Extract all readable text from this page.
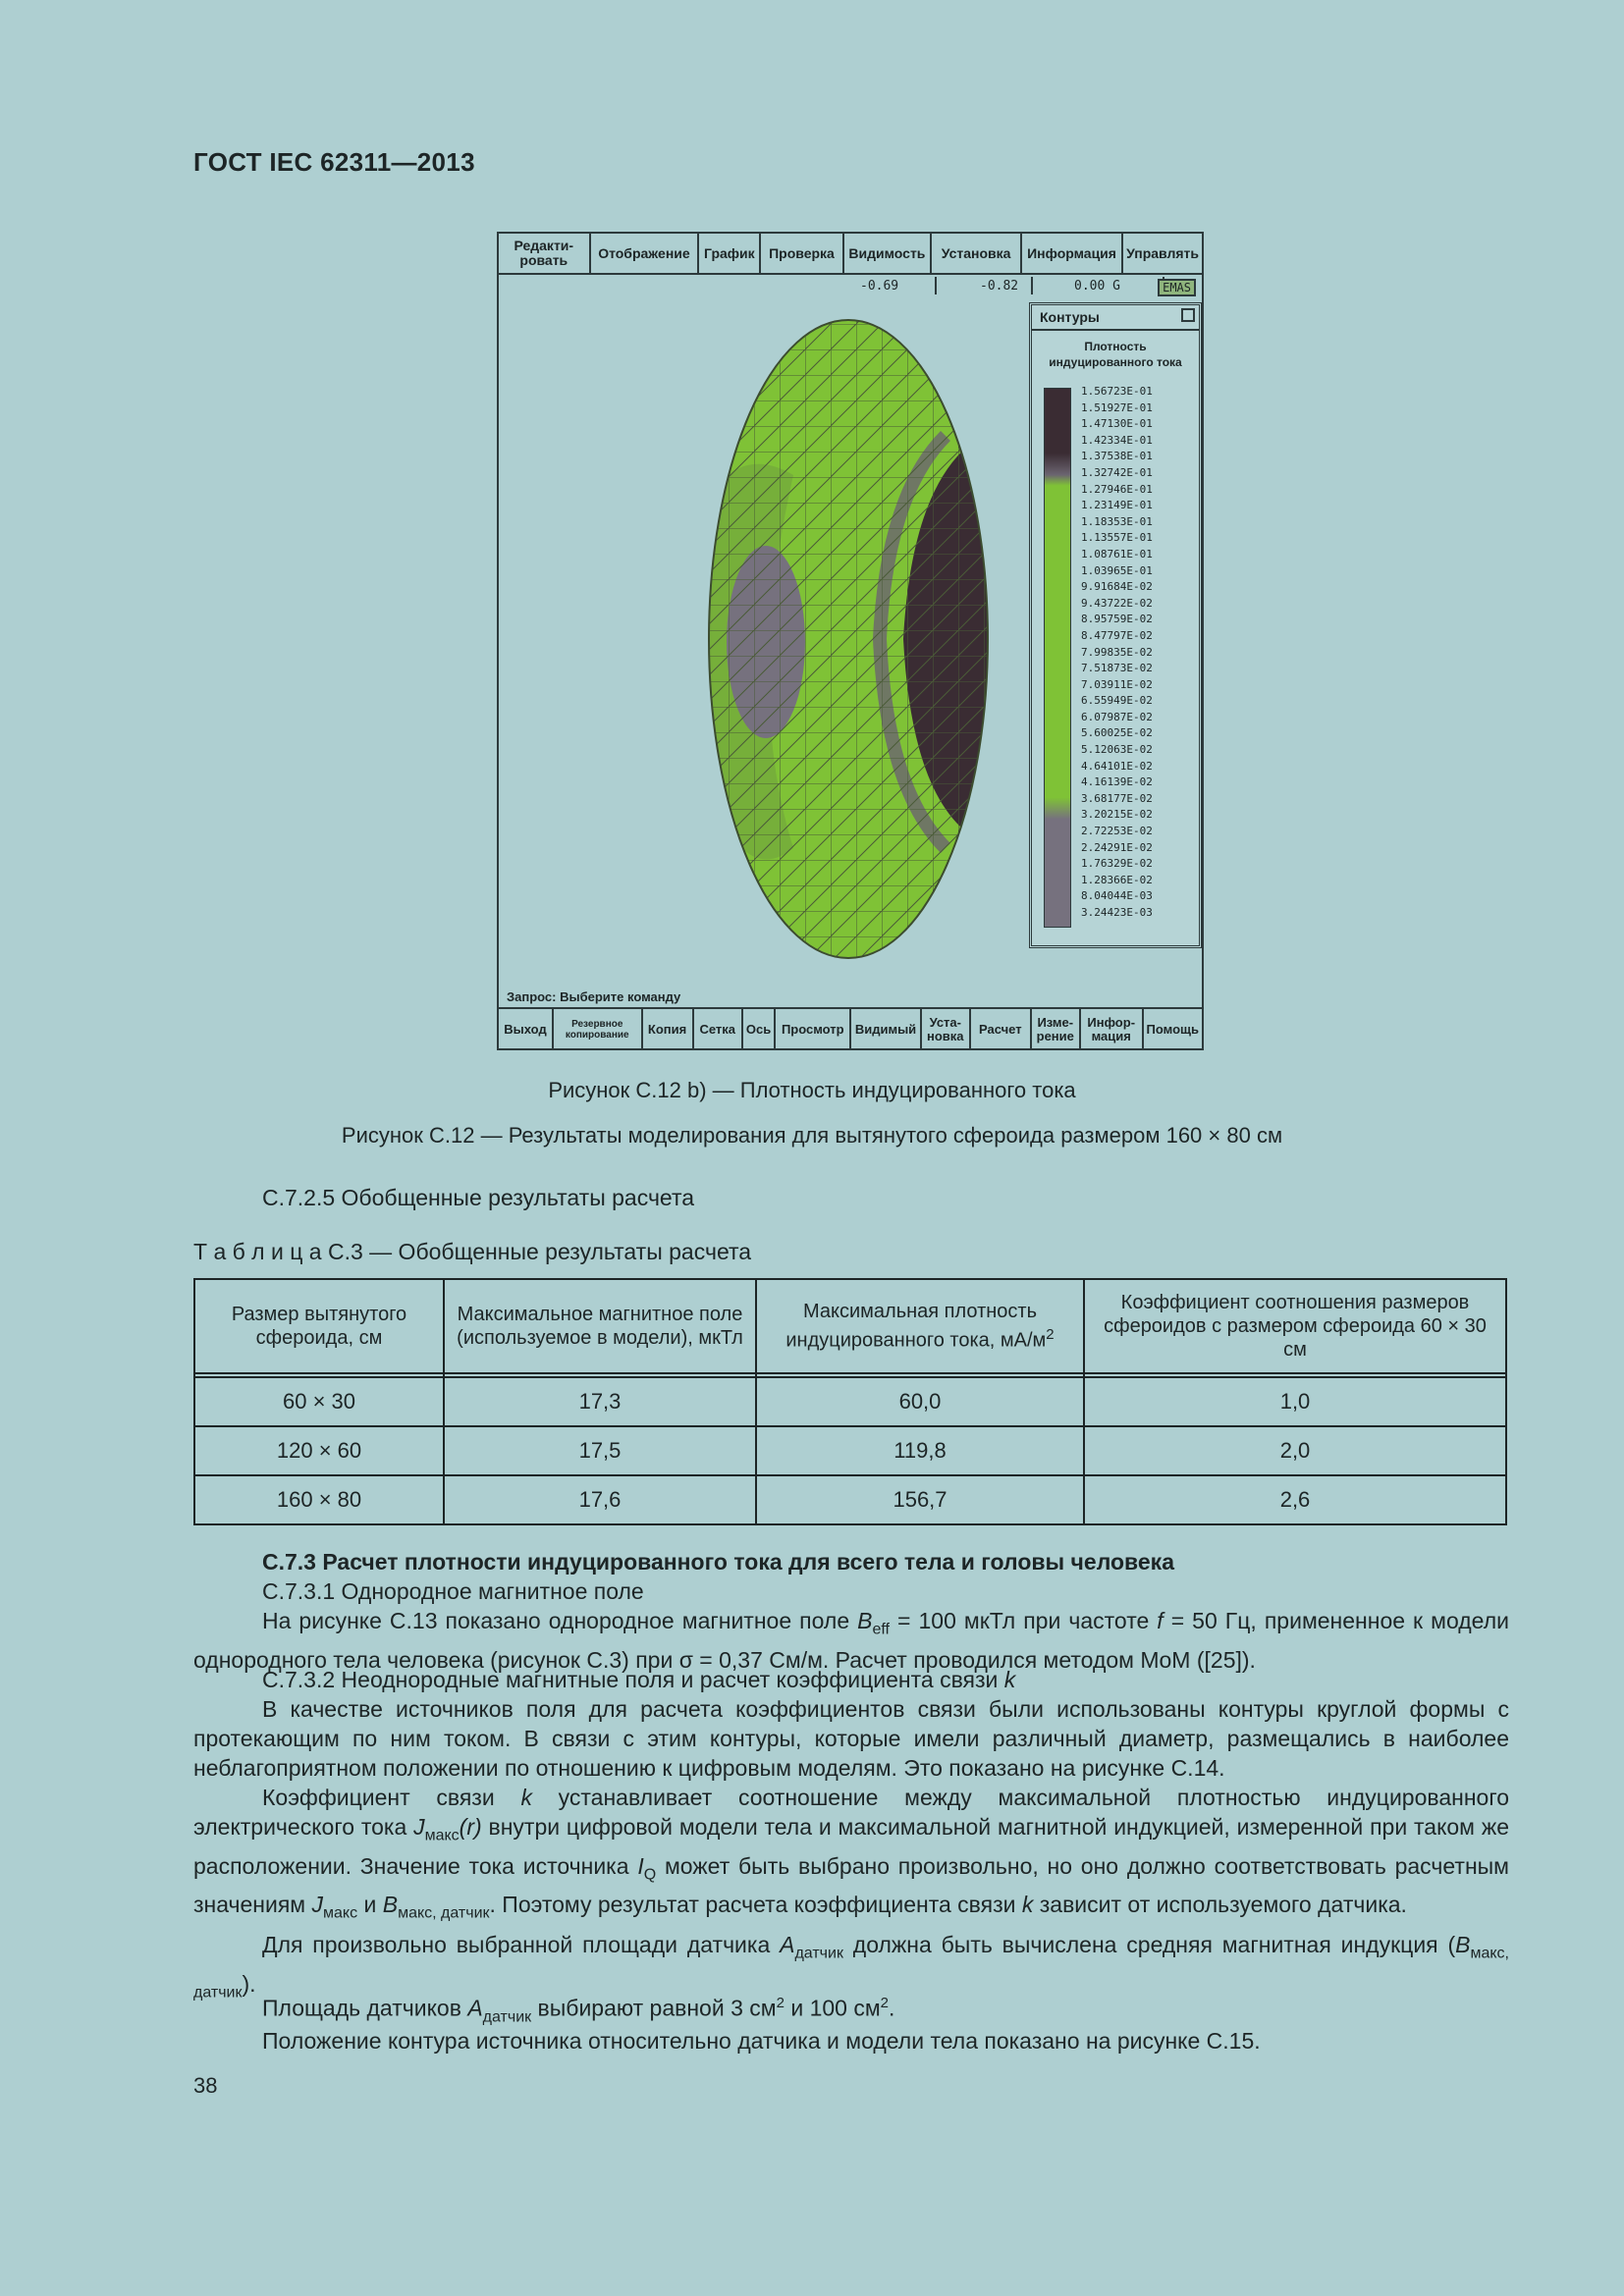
ГОСТ IEC 62311—2013
Редакти-ровать	Отображение	График	Проверка	Видимость	Установка	Информация Управлять
-0.69	-0.82	0.00 G	EMAS
Контуры
Плотность
индуцированного тока
1.56723E-01
1.51927E-01
1.47130E-01
1.42334E-01
1.37538E-01
1.32742E-01
1.27946E-01
1.23149E-01
1.18353E-01
1.13557E-01
1.08761E-01
1.03965E-01
9.91684E-02
9.43722E-02
8.95759E-02
8.47797E-02
7.99835E-02
7.51873E-02
7.03911E-02
6.55949E-02
6.07987E-02
5.60025E-02
5.12063E-02
4.64101E-02
4.16139E-02
3.68177E-02
3.20215E-02
2.72253E-02
2.24291E-02
1.76329E-02
1.28366E-02
8.04044E-03
3.24423E-03
Запрос: Выберите команду
Выход	Резервное копирование	Копия	Сетка Ось Просмотр Видимый	Уста-новка	Расчет	Изме-рение
Инфор-мация	Помощь
Рисунок С.12 b) — Плотность индуцированного тока
Рисунок С.12 — Результаты моделирования для вытянутого сфероида размером 160 × 80 см
С.7.2.5 Обобщенные результаты расчета
Т а б л и ц а С.3 — Обобщенные результаты расчета
Размер вытянутого сфероида, см	Максимальное магнитное поле (используемое в модели), мкТл	Максимальная плотность индуцированного тока, $мА/м^2$	Коэффициент соотношения размеров сфероидов с размером сфероида 60 × 30 см

60 × 30	17,3	60,0	1,0
120 × 60	17,5	119,8	2,0
160 × 80	17,6	156,7	2,6
С.7.3 Расчет плотности индуцированного тока для всего тела и головы человека
С.7.3.1 Однородное магнитное поле
На рисунке С.13 показано однородное магнитное поле $B_{eff} = 100$ мкТл при частоте f = 50 Гц, примененное к модели однородного тела человека (рисунок С.3) при σ = 0,37 См/м. Расчет проводился методом MoM ([25]).
С.7.3.2 Неоднородные магнитные поля и расчет коэффициента связи k
В качестве источников поля для расчета коэффициентов связи были использованы контуры круглой формы с протекающим по ним током. В связи с этим контуры, которые имели различный диаметр, размещались в наиболее неблагоприятном положении по отношению к цифровым моделям. Это показано на рисунке С.14.
Коэффициент связи k устанавливает соотношение между максимальной плотностью индуцированного электрического тока $J_{макс}(r)$ внутри цифровой модели тела и максимальной магнитной индукцией, измеренной при таком же расположении. Значение тока источника $I_Q$ может быть выбрано произвольно, но оно должно соответствовать расчетным значениям $J_{макс}$ и $B_{макс, датчик}$. Поэтому результат расчета коэффициента связи k зависит от используемого датчика.
Для произвольно выбранной площади датчика $A_{датчик}$ должна быть вычислена средняя магнитная индукция $(B_{макс, датчик})$.
Площадь датчиков $A_{датчик}$ выбирают равной 3 $см^2$ и 100 $см^2$.
Положение контура источника относительно датчика и модели тела показано на рисунке С.15.
38
